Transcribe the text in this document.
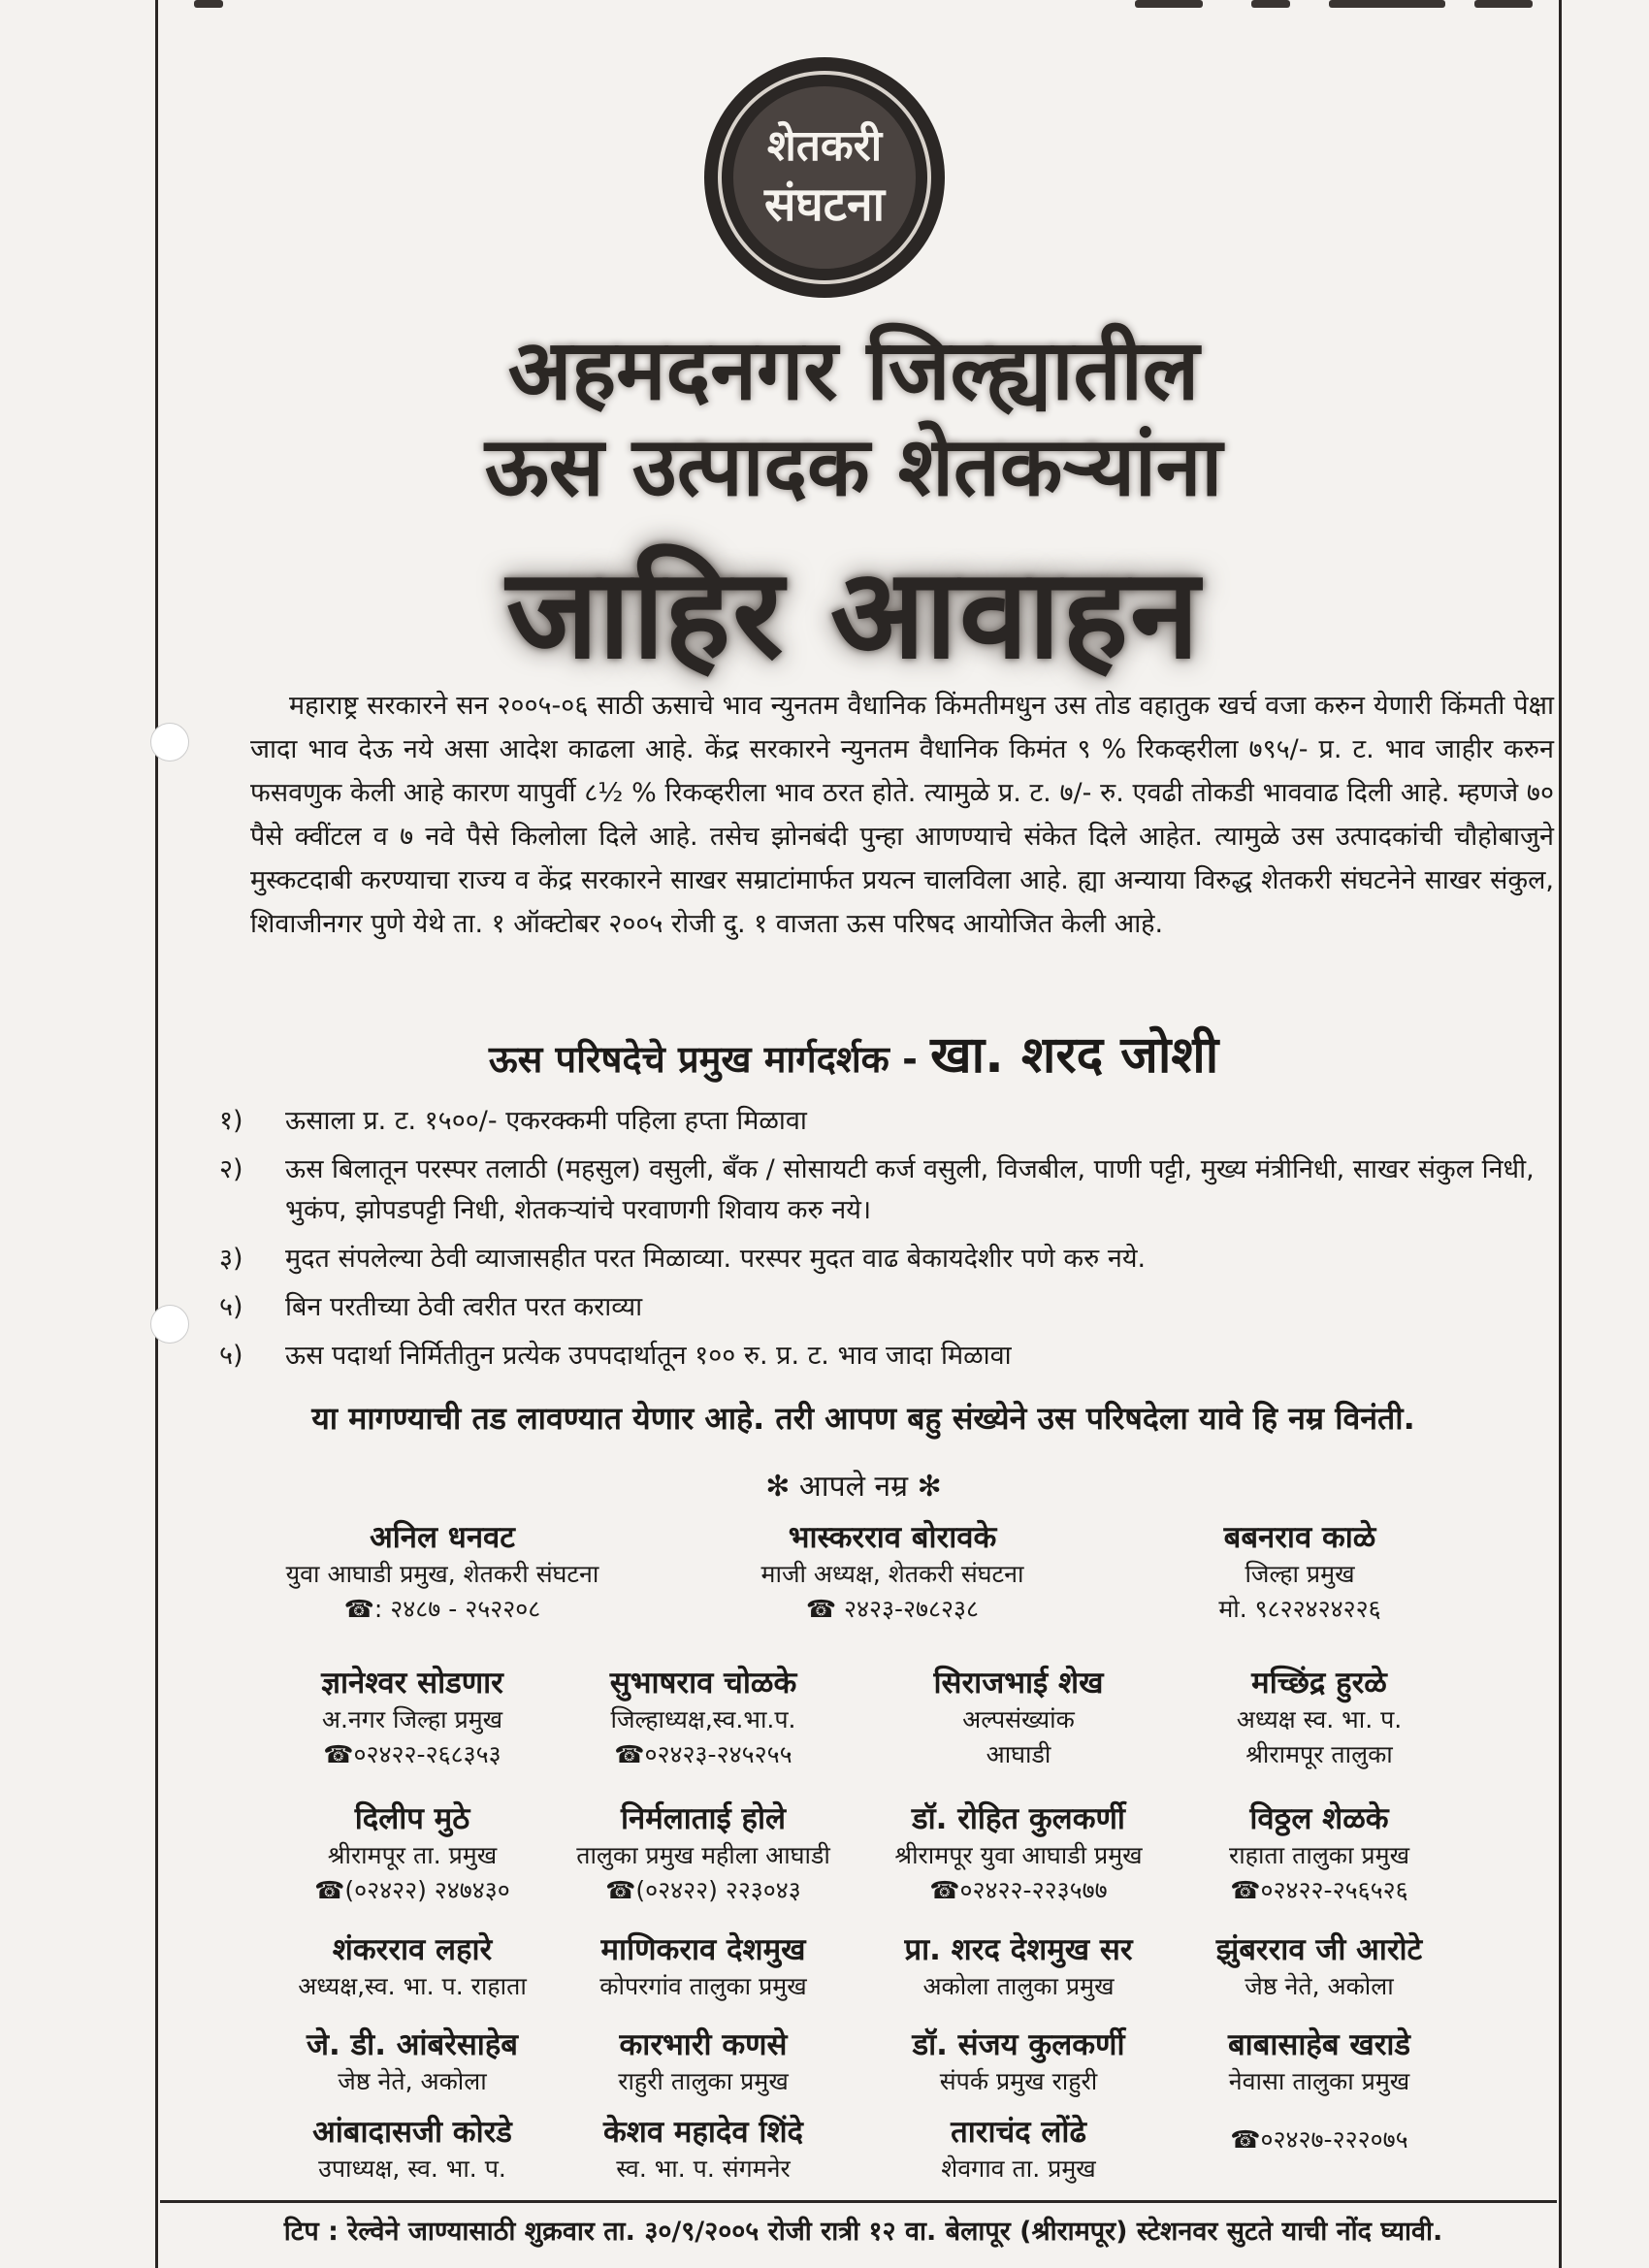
शेतकरी
संघटना
अहमदनगर जिल्ह्यातील
ऊस उत्पादक शेतकऱ्यांना
जाहिर आवाहन

महाराष्ट्र सरकारने सन २००५-०६ साठी ऊसाचे भाव न्युनतम वैधानिक किंमतीमधुन उस तोड वहातुक खर्च वजा करुन येणारी किंमती पेक्षा जादा भाव देऊ नये असा आदेश काढला आहे. केंद्र सरकारने न्युनतम वैधानिक किमंत ९ % रिकव्हरीला ७९५/- प्र. ट. भाव जाहीर करुन फसवणुक केली आहे कारण यापुर्वी ८½ % रिकव्हरीला भाव ठरत होते. त्यामुळे प्र. ट. ७/- रु. एवढी तोकडी भाववाढ दिली आहे. म्हणजे ७० पैसे क्वींटल व ७ नवे पैसे किलोला दिले आहे. तसेच झोनबंदी पुन्हा आणण्याचे संकेत दिले आहेत. त्यामुळे उस उत्पादकांची चौहोबाजुने मुस्कटदाबी करण्याचा राज्य व केंद्र सरकारने साखर सम्राटांमार्फत प्रयत्न चालविला आहे. ह्या अन्याया विरुद्ध शेतकरी संघटनेने साखर संकुल, शिवाजीनगर पुणे येथे ता. १ ऑक्टोबर २००५ रोजी दु. १ वाजता ऊस परिषद आयोजित केली आहे.

ऊस परिषदेचे प्रमुख मार्गदर्शक - खा. शरद जोशी
१)	ऊसाला प्र. ट. १५००/- एकरक्कमी पहिला हप्ता मिळावा
२)	ऊस बिलातून परस्पर तलाठी (महसुल) वसुली, बँक / सोसायटी कर्ज वसुली, विजबील, पाणी पट्टी, मुख्य मंत्रीनिधी, साखर संकुल निधी, भुकंप, झोपडपट्टी निधी, शेतकऱ्यांचे परवाणगी शिवाय करु नये।
३)	मुदत संपलेल्या ठेवी व्याजासहीत परत मिळाव्या. परस्पर मुदत वाढ बेकायदेशीर पणे करु नये.
५)	बिन परतीच्या ठेवी त्वरीत परत कराव्या
५)	ऊस पदार्था निर्मितीतुन प्रत्येक उपपदार्थातून १०० रु. प्र. ट. भाव जादा मिळावा

या मागण्याची तड लावण्यात येणार आहे. तरी आपण बहु संख्येने उस परिषदेला यावे हि नम्र विनंती.

✻ आपले नम्र ✻

अनिल धनवट
युवा आघाडी प्रमुख, शेतकरी संघटना
☎: २४८७ - २५२२०८
भास्करराव बोरावके
माजी अध्यक्ष, शेतकरी संघटना
☎ २४२३-२७८२३८
बबनराव काळे
जिल्हा प्रमुख
मो. ९८२२४२४२२६
ज्ञानेश्वर सोडणार
अ.नगर जिल्हा प्रमुख
☎०२४२२-२६८३५३
सुभाषराव चोळके
जिल्हाध्यक्ष,स्व.भा.प.
☎०२४२३-२४५२५५
सिराजभाई शेख
अल्पसंख्यांक
आघाडी
मच्छिंद्र हुरळे
अध्यक्ष स्व. भा. प.
श्रीरामपूर तालुका
दिलीप मुठे
श्रीरामपूर ता. प्रमुख
☎(०२४२२) २४७४३०
निर्मलाताई होले
तालुका प्रमुख महीला आघाडी
☎(०२४२२) २२३०४३
डॉ. रोहित कुलकर्णी
श्रीरामपूर युवा आघाडी प्रमुख
☎०२४२२-२२३५७७
विठ्ठल शेळके
राहाता तालुका प्रमुख
☎०२४२२-२५६५२६
शंकरराव लहारे
अध्यक्ष,स्व. भा. प. राहाता
माणिकराव देशमुख
कोपरगांव तालुका प्रमुख
प्रा. शरद देशमुख सर
अकोला तालुका प्रमुख
झुंबरराव जी आरोटे
जेष्ठ नेते, अकोला
जे. डी. आंबरेसाहेब
जेष्ठ नेते, अकोला
कारभारी कणसे
राहुरी तालुका प्रमुख
डॉ. संजय कुलकर्णी
संपर्क प्रमुख राहुरी
बाबासाहेब खराडे
नेवासा तालुका प्रमुख
आंबादासजी कोरडे
उपाध्यक्ष, स्व. भा. प.
केशव महादेव शिंदे
स्व. भा. प. संगमनेर
ताराचंद लोंढे
शेवगाव ता. प्रमुख
☎०२४२७-२२२०७५

टिप : रेल्वेने जाण्यासाठी शुक्रवार ता. ३०/९/२००५ रोजी रात्री १२ वा. बेलापूर (श्रीरामपूर) स्टेशनवर सुटते याची नोंद घ्यावी.
